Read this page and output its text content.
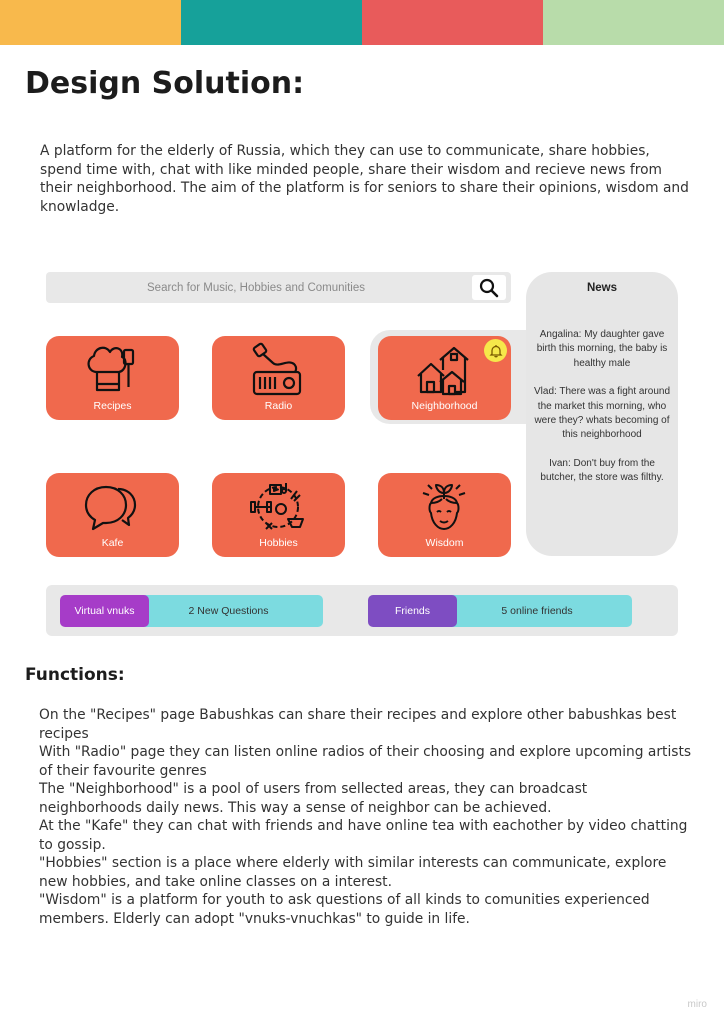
Design Solution:

A platform for the elderly of Russia, which they can use to communicate, share hobbies, spend time with, chat with like minded people, share their wisdom and recieve news from their neighborhood. The aim of the platform is for seniors to share their opinions, wisdom and knowladge.

Search for Music, Hobbies and Comunities
News

Angalina: My daughter gave birth this morning, the baby is healthy male

Vlad: There was a fight around the market this morning, who were they? whats becoming of this neighborhood

Ivan: Don't buy from the butcher, the store was filthy.

Recipes	Radio	Neighborhood
Kafe	Hobbies	Wisdom
2 New Questions
Virtual vnuks	5 online friends
Friends
Functions:

On the "Recipes" page Babushkas can share their recipes and explore other babushkas best recipes

With "Radio" page they can listen online radios of their choosing and explore upcoming artists of their favourite genres

The "Neighborhood" is a pool of users from sellected areas, they can broadcast neighborhoods daily news. This way a sense of neighbor can be achieved.

At the "Kafe" they can chat with friends and have online tea with eachother by video chatting to gossip.

"Hobbies" section is a place where elderly with similar interests can communicate, explore new hobbies, and take online classes on a interest.

"Wisdom" is a platform for youth to ask questions of all kinds to comunities experienced members. Elderly can adopt "vnuks-vnuchkas" to guide in life.

miro
